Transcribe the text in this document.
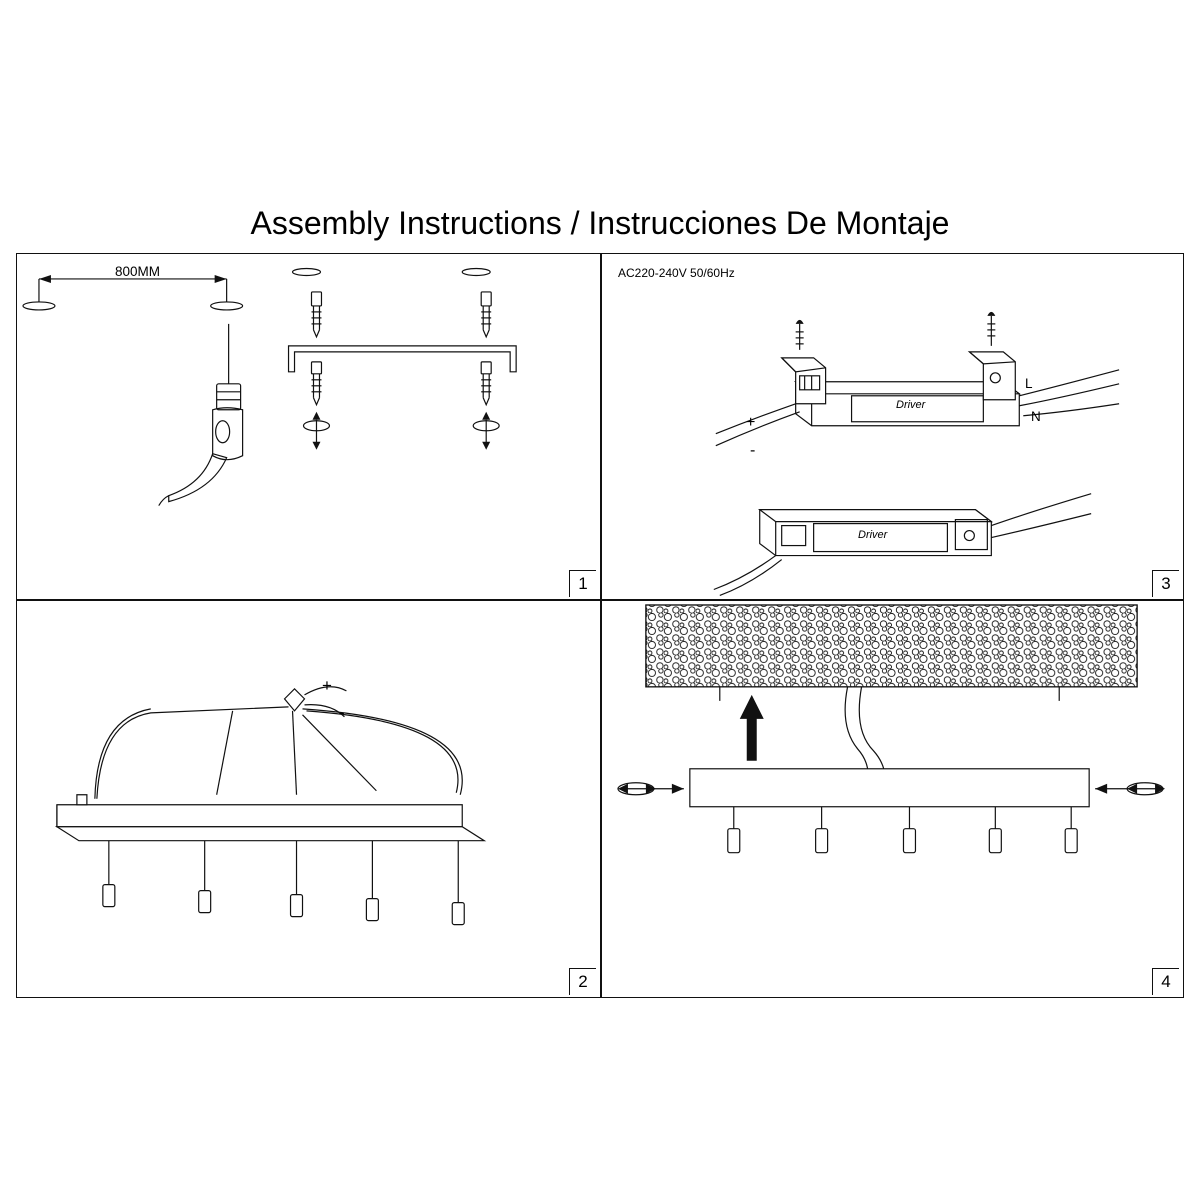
Assembly Instructions / Instrucciones De Montaje
800MM
1
AC220-240V 50/60Hz
Driver
Driver
L
N
+
-
3
+
-
2	4
